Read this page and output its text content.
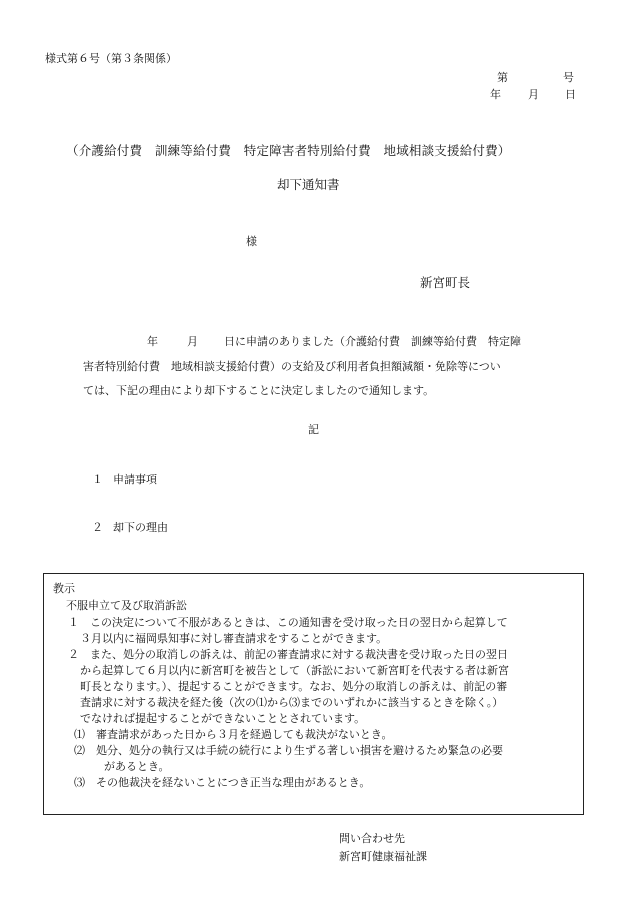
様式第６号（第３条関係）
第	号
年 月 日
（介護給付費　訓練等給付費　特定障害者特別給付費　地域相談支援給付費）
却下通知書
様
新宮町長
年	月 日に申請のありました（介護給付費　訓練等給付費　特定障
害者特別給付費　地域相談支援給付費）の支給及び利用者負担額減額・免除等につい
ては、下記の理由により却下することに決定しましたので通知します。
記
１ 申請事項
２ 却下の理由
教示
不服申立て及び取消訴訟
１　この決定について不服があるときは、この通知書を受け取った日の翌日から起算して
３月以内に福岡県知事に対し審査請求をすることができます。
２　また、処分の取消しの訴えは、前記の審査請求に対する裁決書を受け取った日の翌日
から起算して６月以内に新宮町を被告として（訴訟において新宮町を代表する者は新宮
町長となります。）、提起することができます。なお、処分の取消しの訴えは、前記の審
査請求に対する裁決を経た後（次の⑴から⑶までのいずれかに該当するときを除く。）
でなければ提起することができないこととされています。
⑴　審査請求があった日から３月を経過しても裁決がないとき。
⑵　処分、処分の執行又は手続の続行により生ずる著しい損害を避けるため緊急の必要
があるとき。
⑶　その他裁決を経ないことにつき正当な理由があるとき。
問い合わせ先
新宮町健康福祉課
